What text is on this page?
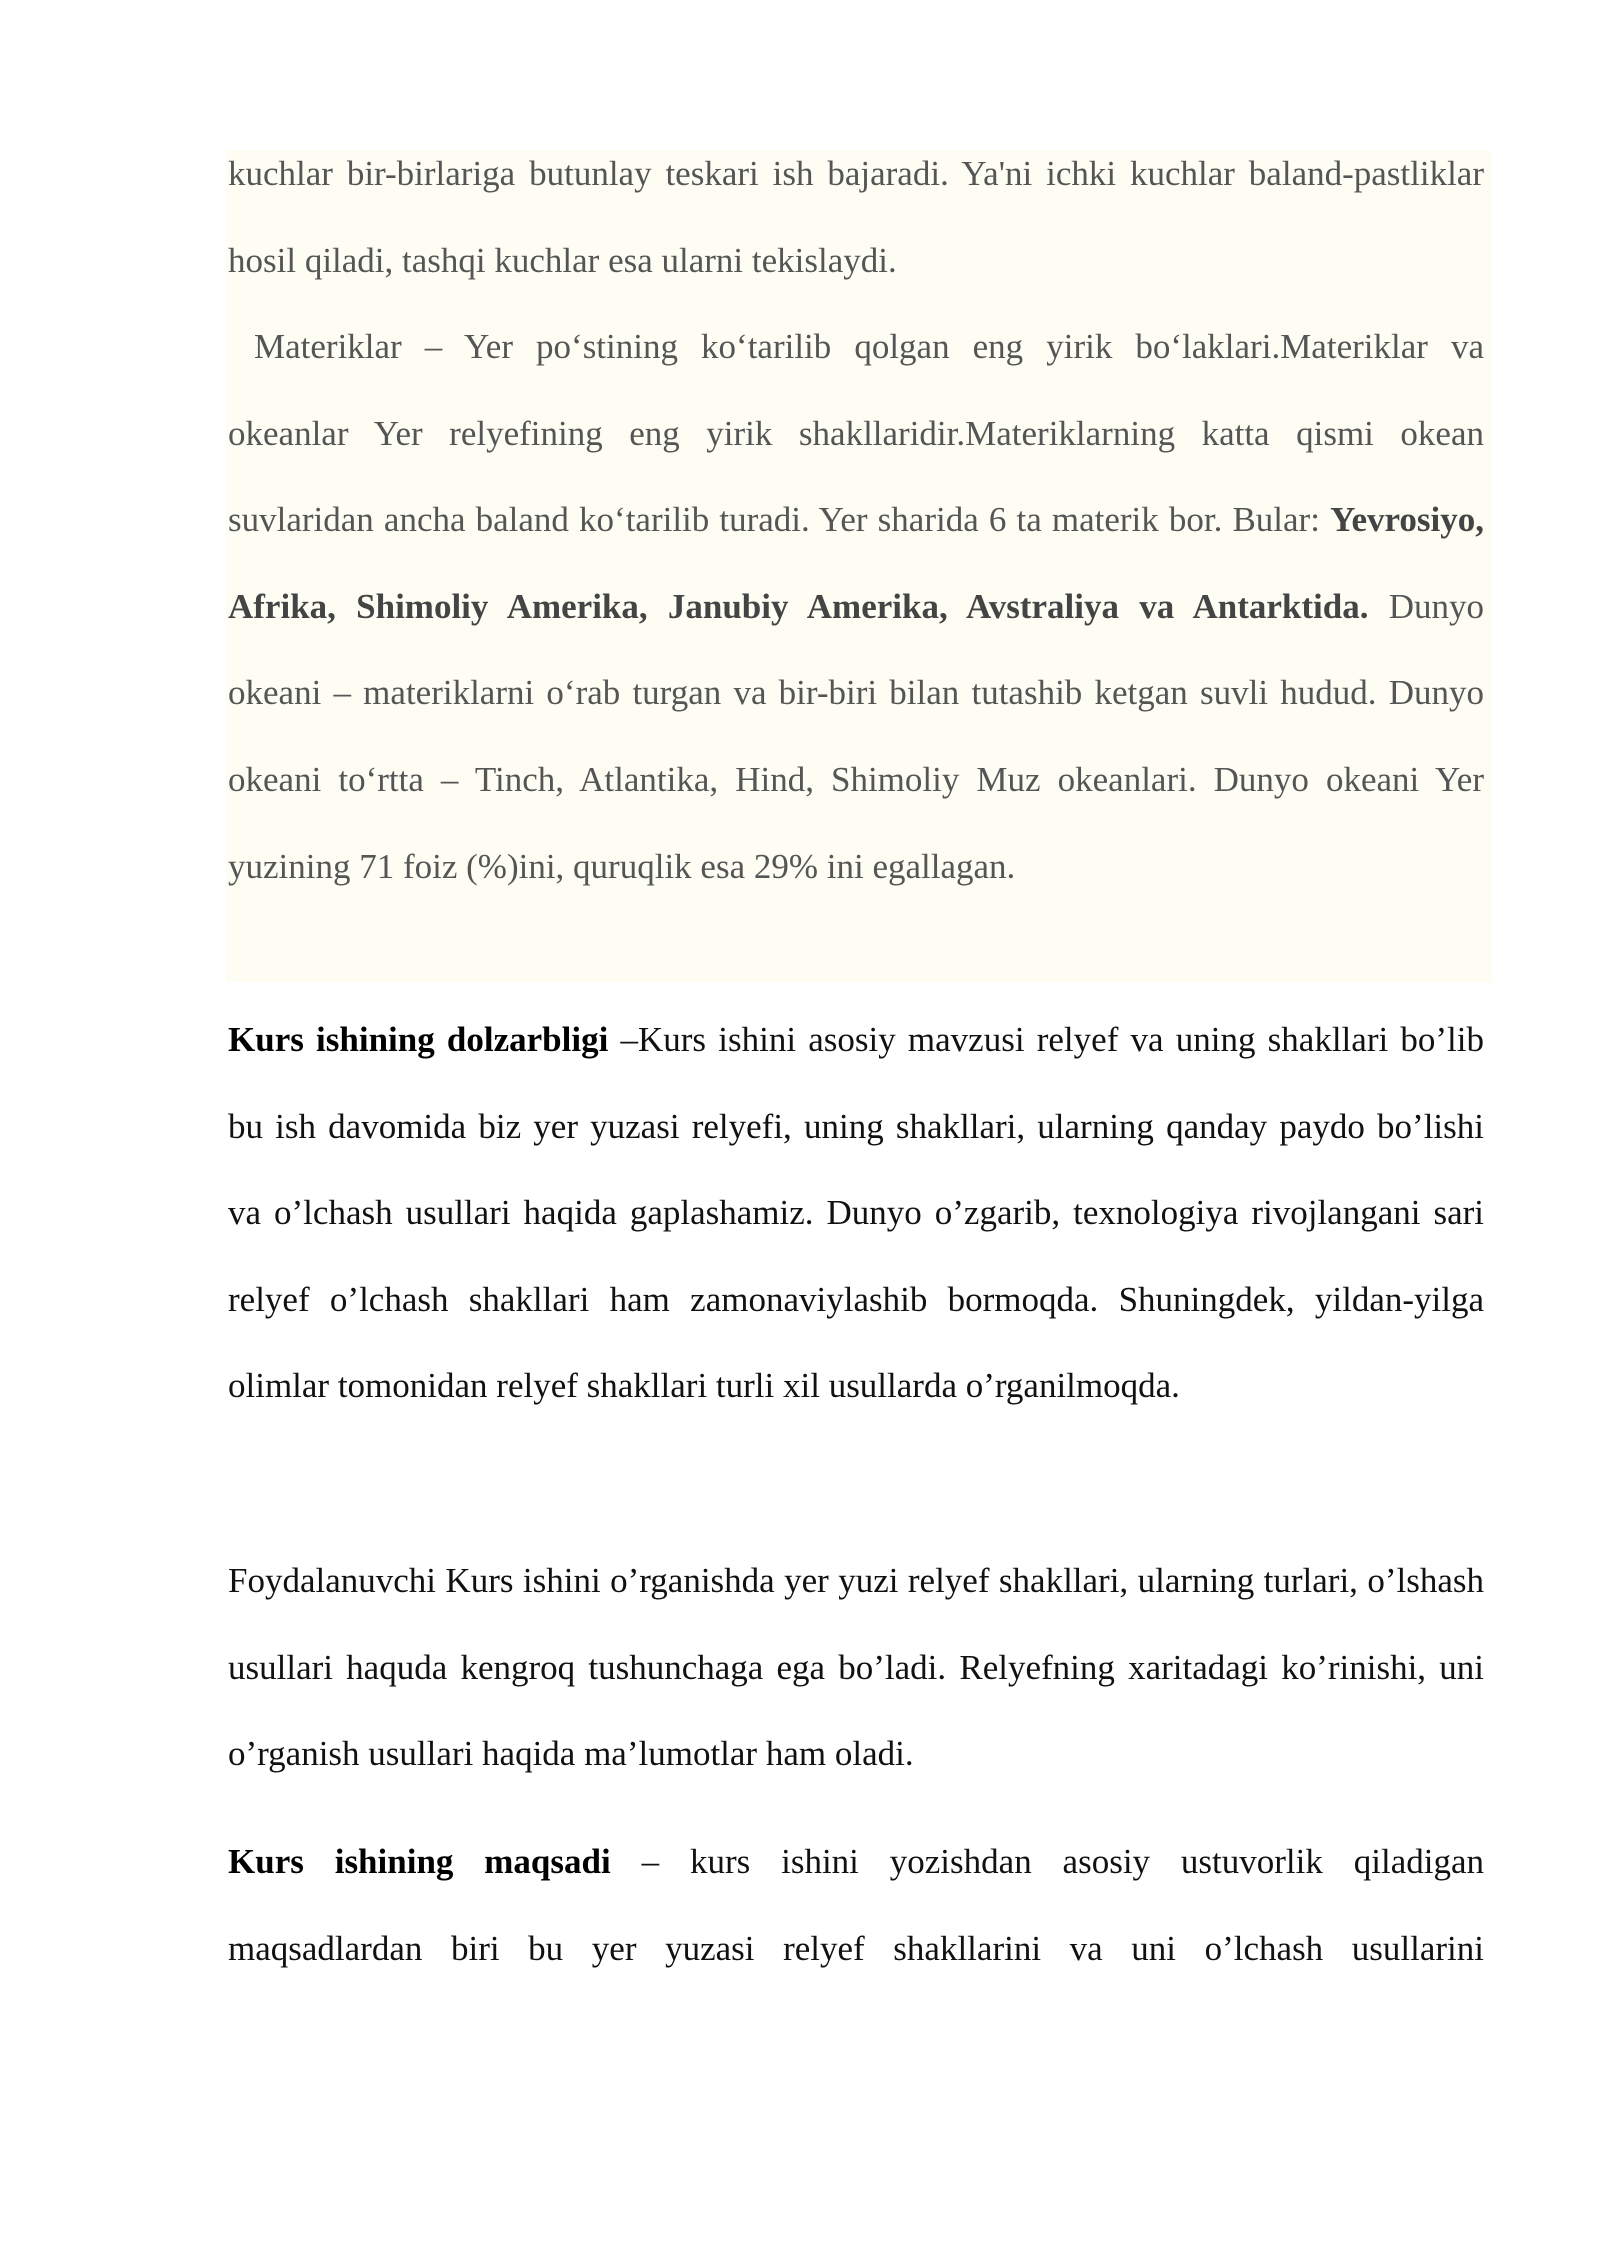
kuchlar bir-birlariga butunlay teskari ish bajaradi. Ya'ni ichki kuchlar baland-pastliklar hosil qiladi, tashqi kuchlar esa ularni tekislaydi.

Materiklar – Yer po‘stining ko‘tarilib qolgan eng yirik bo‘laklari.Materiklar va okeanlar Yer relyefining eng yirik shakllaridir.Materiklarning katta qismi okean suvlaridan ancha baland ko‘tarilib turadi. Yer sharida 6 ta materik bor. Bular: Yevrosiyo, Afrika, Shimoliy Amerika, Janubiy Amerika, Avstraliya va Antarktida. Dunyo okeani – materiklarni o‘rab turgan va bir-biri bilan tutashib ketgan suvli hudud. Dunyo okeani to‘rtta – Tinch, Atlantika, Hind, Shimoliy Muz okeanlari. Dunyo okeani Yer yuzining 71 foiz (%)ini, quruqlik esa 29% ini egallagan.

Kurs ishining dolzarbligi –Kurs ishini asosiy mavzusi relyef va uning shakllari bo’lib bu ish davomida biz yer yuzasi relyefi, uning shakllari, ularning qanday paydo bo’lishi va o’lchash usullari haqida gaplashamiz. Dunyo o’zgarib, texnologiya rivojlangani sari relyef o’lchash shakllari ham zamonaviylashib bormoqda. Shuningdek, yildan-yilga olimlar tomonidan relyef shakllari turli xil usullarda o’rganilmoqda.

Foydalanuvchi Kurs ishini o’rganishda yer yuzi relyef shakllari, ularning turlari, o’lshash usullari haquda kengroq tushunchaga ega bo’ladi. Relyefning xaritadagi ko’rinishi, uni o’rganish usullari haqida ma’lumotlar ham oladi.

Kurs ishining maqsadi – kurs ishini yozishdan asosiy ustuvorlik qiladigan maqsadlardan biri bu yer yuzasi relyef shakllarini va uni o’lchash usullarini
